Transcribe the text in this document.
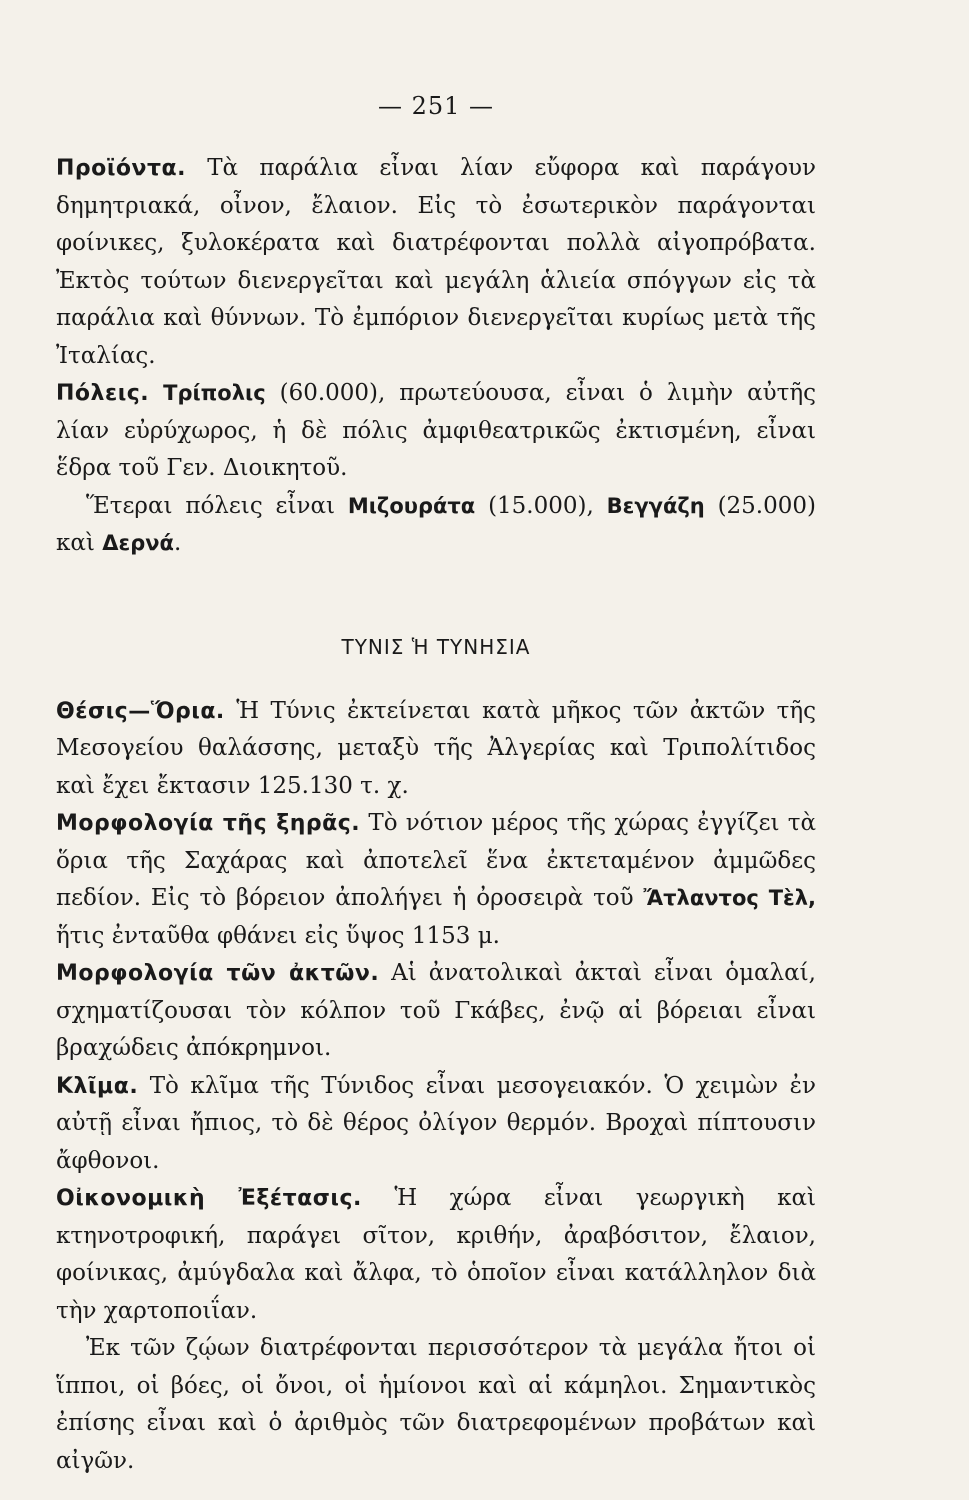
— 251 —

Προϊόντα. Τὰ παράλια εἶναι λίαν εὔφορα καὶ παράγουν δημητριακά, οἶνον, ἔλαιον. Εἰς τὸ ἐσωτερικὸν παράγονται φοίνικες, ξυλοκέρατα καὶ διατρέφονται πολλὰ αἰγοπρόβατα. Ἐκτὸς τούτων διενεργεῖται καὶ μεγάλη ἁλιεία σπόγγων εἰς τὰ παράλια καὶ θύννων. Τὸ ἐμπόριον διενεργεῖται κυρίως μετὰ τῆς Ἰταλίας.

Πόλεις. Τρίπολις (60.000), πρωτεύουσα, εἶναι ὁ λιμὴν αὐτῆς λίαν εὐρύχωρος, ἡ δὲ πόλις ἀμφιθεατρικῶς ἐκτισμένη, εἶναι ἕδρα τοῦ Γεν. Διοικητοῦ.

Ἕτεραι πόλεις εἶναι Μιζουράτα (15.000), Βεγγάζη (25.000) καὶ Δερνά.

ΤΥΝΙΣ Ἡ ΤΥΝΗΣΙΑ

Θέσις—Ὅρια. Ἡ Τύνις ἐκτείνεται κατὰ μῆκος τῶν ἀκτῶν τῆς Μεσογείου θαλάσσης, μεταξὺ τῆς Ἀλγερίας καὶ Τριπολίτιδος καὶ ἔχει ἔκτασιν 125.130 τ. χ.

Μορφολογία τῆς ξηρᾶς. Τὸ νότιον μέρος τῆς χώρας ἐγγίζει τὰ ὅρια τῆς Σαχάρας καὶ ἀποτελεῖ ἕνα ἐκτεταμένον ἀμμῶδες πεδίον. Εἰς τὸ βόρειον ἀπολήγει ἡ ὀροσειρὰ τοῦ Ἄτλαντος Τὲλ, ἥτις ἐνταῦθα φθάνει εἰς ὕψος 1153 μ.

Μορφολογία τῶν ἀκτῶν. Αἱ ἀνατολικαὶ ἀκταὶ εἶναι ὁμαλαί, σχηματίζουσαι τὸν κόλπον τοῦ Γκάβες, ἐνῷ αἱ βόρειαι εἶναι βραχώδεις ἀπόκρημνοι.

Κλῖμα. Τὸ κλῖμα τῆς Τύνιδος εἶναι μεσογειακόν. Ὁ χειμὼν ἐν αὐτῇ εἶναι ἤπιος, τὸ δὲ θέρος ὀλίγον θερμόν. Βροχαὶ πίπτουσιν ἄφθονοι.

Οἰκονομικὴ Ἐξέτασις. Ἡ χώρα εἶναι γεωργικὴ καὶ κτηνοτροφική, παράγει σῖτον, κριθήν, ἀραβόσιτον, ἔλαιον, φοίνικας, ἀμύγδαλα καὶ ἄλφα, τὸ ὁποῖον εἶναι κατάλληλον διὰ τὴν χαρτοποιΐαν.

Ἐκ τῶν ζῴων διατρέφονται περισσότερον τὰ μεγάλα ἤτοι οἱ ἵπποι, οἱ βόες, οἱ ὄνοι, οἱ ἡμίονοι καὶ αἱ κάμηλοι. Σημαντικὸς ἐπίσης εἶναι καὶ ὁ ἀριθμὸς τῶν διατρεφομένων προβάτων καὶ αἰγῶν.
